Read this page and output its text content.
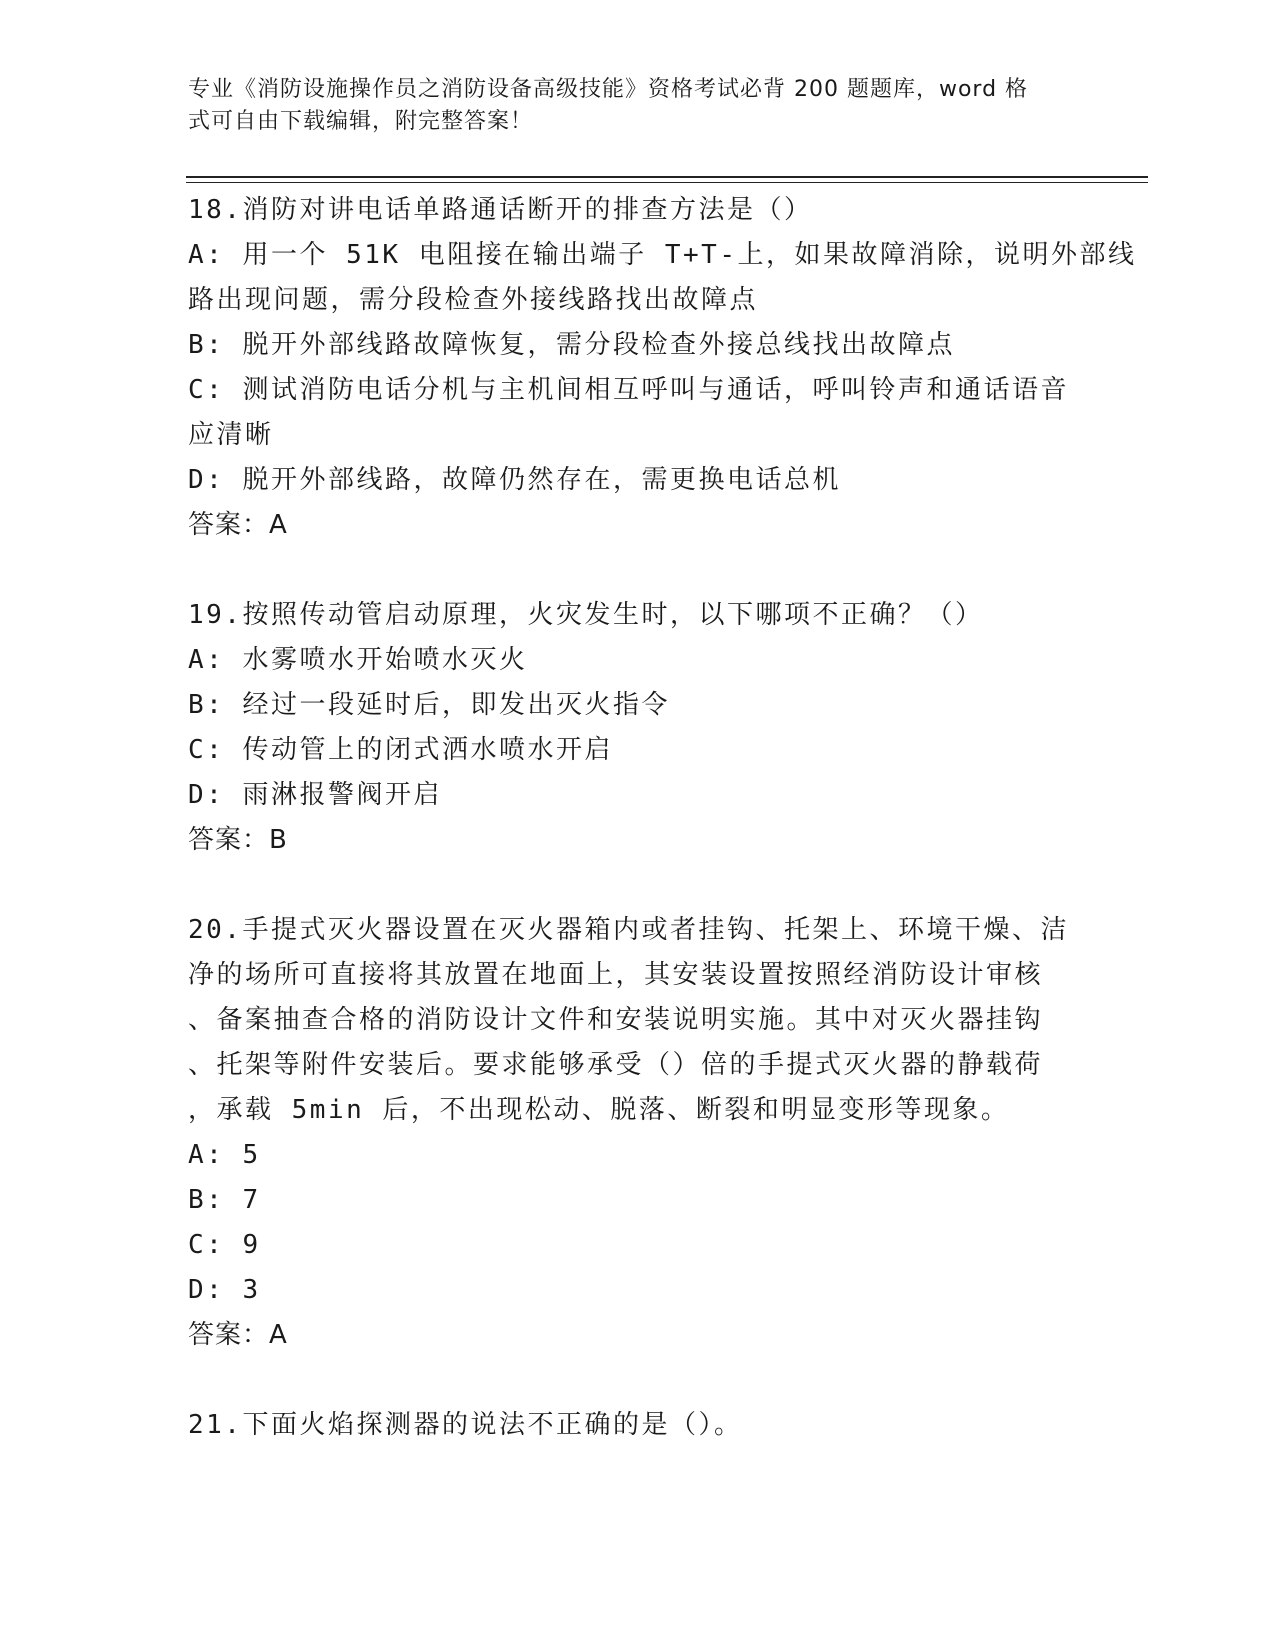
专业《消防设施操作员之消防设备高级技能》资格考试必背 200 题题库，word 格
式可自由下载编辑，附完整答案！
18.消防对讲电话单路通话断开的排查方法是（）
A: 用一个 51K 电阻接在输出端子 T+T-上，如果故障消除，说明外部线
路出现问题，需分段检查外接线路找出故障点
B: 脱开外部线路故障恢复，需分段检查外接总线找出故障点
C: 测试消防电话分机与主机间相互呼叫与通话，呼叫铃声和通话语音
应清晰
D: 脱开外部线路，故障仍然存在，需更换电话总机
答案：A
19.按照传动管启动原理，火灾发生时，以下哪项不正确？（）
A: 水雾喷水开始喷水灭火
B: 经过一段延时后，即发出灭火指令
C: 传动管上的闭式洒水喷水开启
D: 雨淋报警阀开启
答案：B
20.手提式灭火器设置在灭火器箱内或者挂钩、托架上、环境干燥、洁
净的场所可直接将其放置在地面上，其安装设置按照经消防设计审核
、备案抽查合格的消防设计文件和安装说明实施。其中对灭火器挂钩
、托架等附件安装后。要求能够承受（）倍的手提式灭火器的静载荷
，承载 5min 后，不出现松动、脱落、断裂和明显变形等现象。
A: 5
B: 7
C: 9
D: 3
答案：A
21.下面火焰探测器的说法不正确的是（）。
